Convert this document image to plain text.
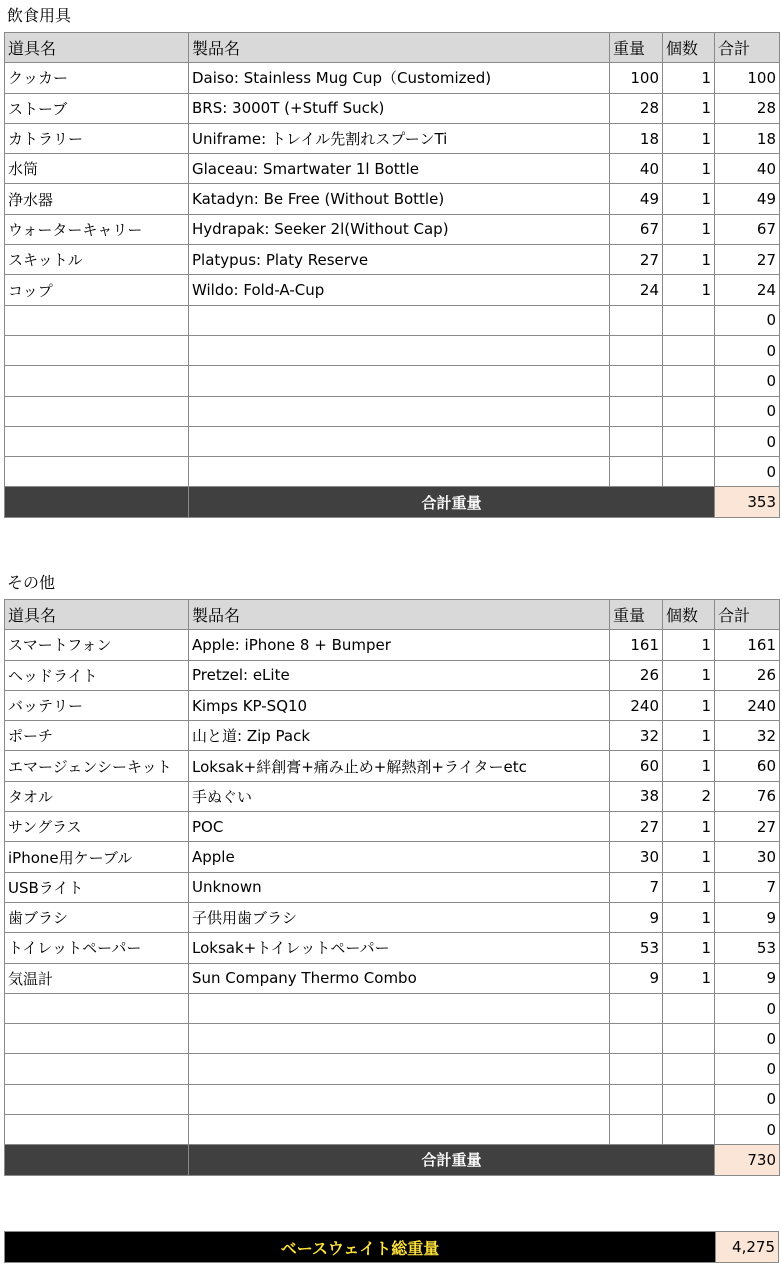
飲食用具
道具名	製品名	重量	個数	合計
クッカー	Daiso: Stainless Mug Cup（Customized)	100	1	100
ストーブ	BRS: 3000T (+Stuff Suck)	28	1	28
カトラリー	Uniframe: トレイル先割れスプーンTi	18	1	18
水筒	Glaceau: Smartwater 1l Bottle	40	1	40
浄水器	Katadyn: Be Free (Without Bottle)	49	1	49
ウォーターキャリー	Hydrapak: Seeker 2l(Without Cap)	67	1	67
スキットル	Platypus: Platy Reserve	27	1	27
コップ	Wildo: Fold-A-Cup	24	1	24
				0
				0
				0
				0
				0
				0
	合計重量			353
その他
道具名	製品名	重量	個数	合計
スマートフォン	Apple: iPhone 8 + Bumper	161	1	161
ヘッドライト	Pretzel: eLite	26	1	26
バッテリー	Kimps KP-SQ10	240	1	240
ポーチ	山と道: Zip Pack	32	1	32
エマージェンシーキット	Loksak+絆創膏+痛み止め+解熱剤+ライターetc	60	1	60
タオル	手ぬぐい	38	2	76
サングラス	POC	27	1	27
iPhone用ケーブル	Apple	30	1	30
USBライト	Unknown	7	1	7
歯ブラシ	子供用歯ブラシ	9	1	9
トイレットペーパー	Loksak+トイレットペーパー	53	1	53
気温計	Sun Company Thermo Combo	9	1	9
				0
				0
				0
				0
				0
	合計重量			730
ベースウェイト総重量	4,275
